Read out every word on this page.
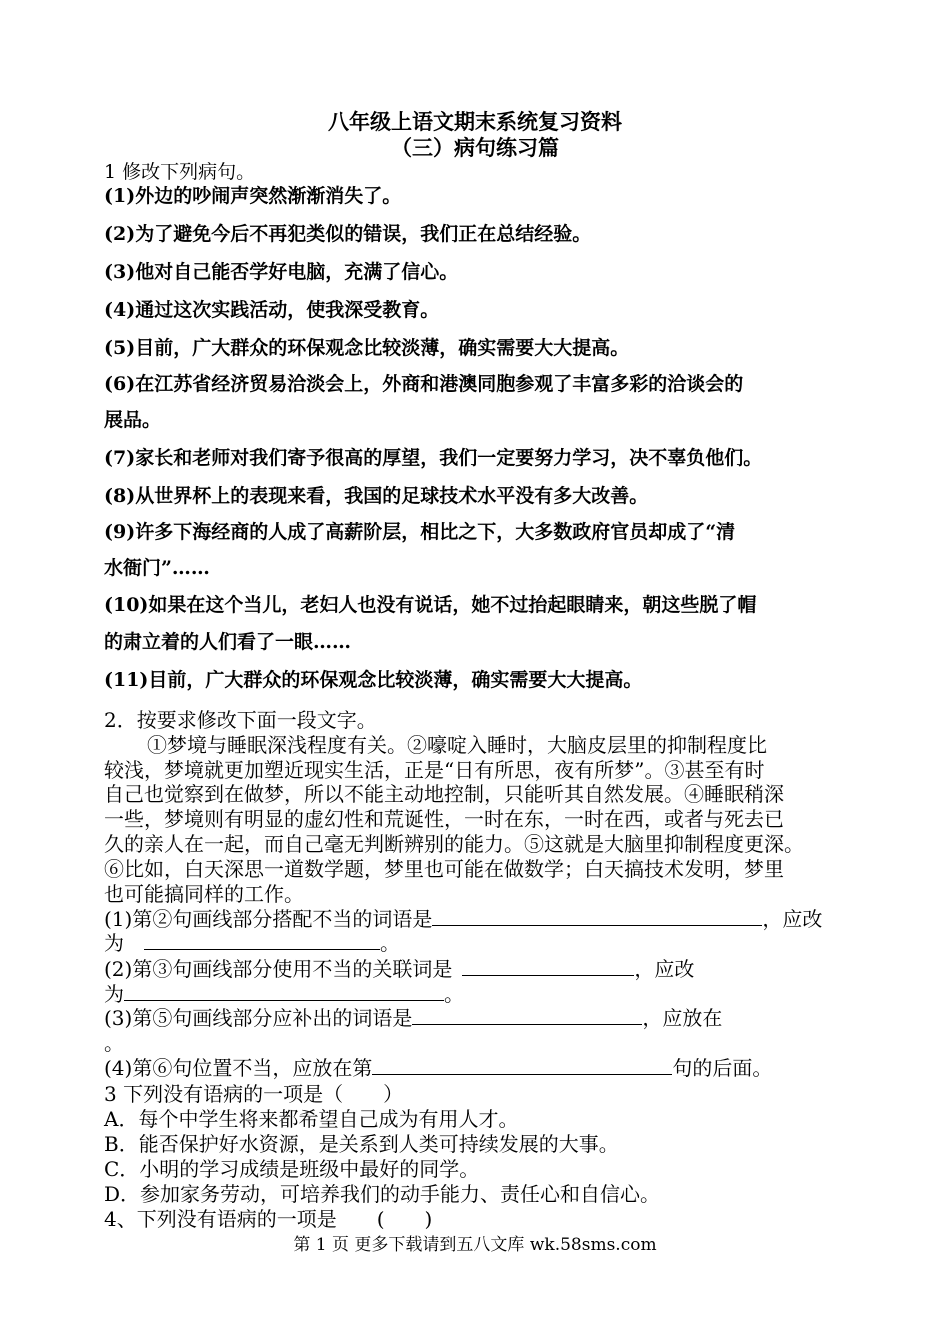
八年级上语文期末系统复习资料
（三）病句练习篇
1 修改下列病句。
(1)外边的吵闹声突然渐渐消失了。
(2)为了避免今后不再犯类似的错误，我们正在总结经验。
(3)他对自己能否学好电脑，充满了信心。
(4)通过这次实践活动，使我深受教育。
(5)目前，广大群众的环保观念比较淡薄，确实需要大大提高。
(6)在江苏省经济贸易洽淡会上，外商和港澳同胞参观了丰富多彩的洽谈会的
展品。
(7)家长和老师对我们寄予很高的厚望，我们一定要努力学习，决不辜负他们。
(8)从世界杯上的表现来看，我国的足球技术水平没有多大改善。
(9)许多下海经商的人成了高薪阶层，相比之下，大多数政府官员却成了“清
水衙门”……
(10)如果在这个当儿，老妇人也没有说话，她不过抬起眼睛来，朝这些脱了帽
的肃立着的人们看了一眼……
(11)目前，广大群众的环保观念比较淡薄，确实需要大大提高。
2．按要求修改下面一段文字。
①梦境与睡眠深浅程度有关。②嚎啶入睡时，大脑皮层里的抑制程度比
较浅，梦境就更加塑近现实生活，正是“日有所思，夜有所梦”。③甚至有时
自己也觉察到在做梦，所以不能主动地控制，只能听其自然发展。④睡眠稍深
一些，梦境则有明显的虚幻性和荒诞性，一时在东，一时在西，或者与死去已
久的亲人在一起，而自己毫无判断辨别的能力。⑤这就是大脑里抑制程度更深。
⑥比如，白天深思一道数学题，梦里也可能在做数学；白天搞技术发明，梦里
也可能搞同样的工作。
(1)第②句画线部分搭配不当的词语是	，应改
为 	。
(2)第③句画线部分使用不当的关联词是 	，应改
为	。
(3)第⑤句画线部分应补出的词语是	，应放在
。
(4)第⑥句位置不当，应放在第	句的后面。
3 下列没有语病的一项是（　　）
A．每个中学生将来都希望自己成为有用人才。
B．能否保护好水资源，是关系到人类可持续发展的大事。
C．小明的学习成绩是班级中最好的同学。
D．参加家务劳动，可培养我们的动手能力、责任心和自信心。
4、下列没有语病的一项是　　(　　)
第 1 页 更多下载请到五八文库 wk.58sms.com
